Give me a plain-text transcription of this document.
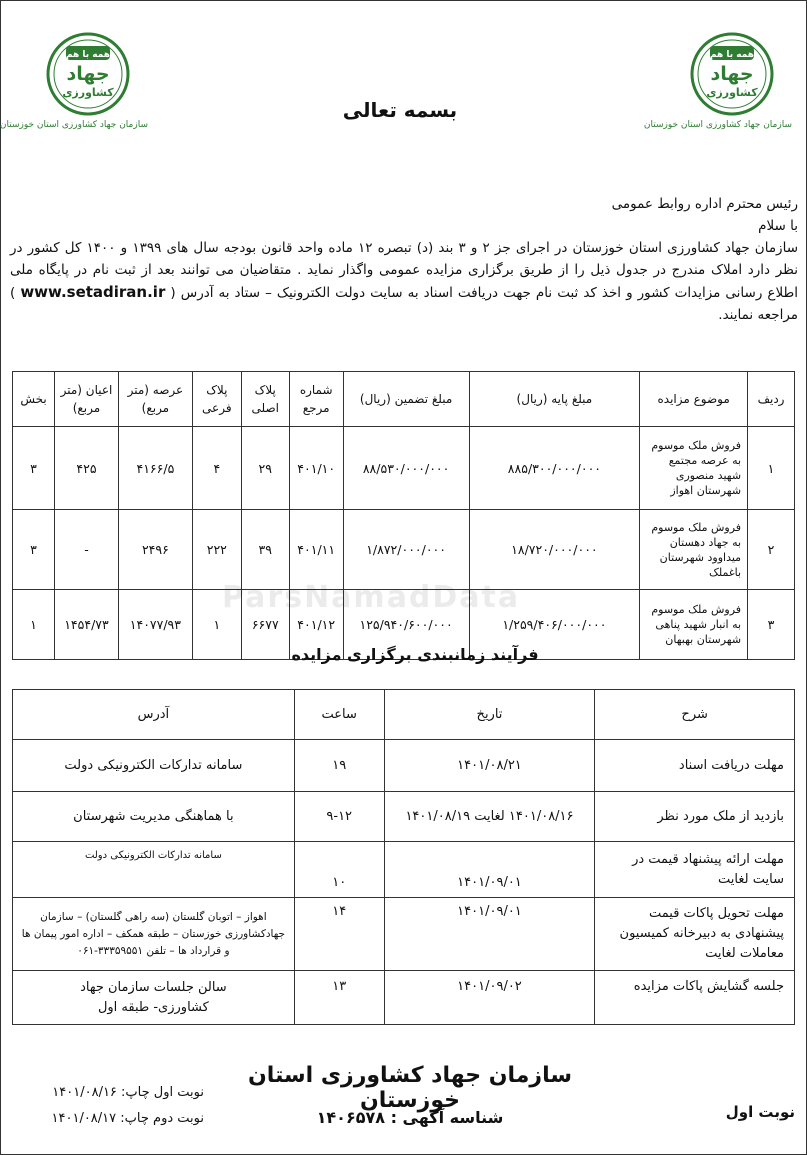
همه با هم
جهاد
کشاورزی
سازمان جهاد کشاورزی استان خوزستان
همه با هم
جهاد
کشاورزی
سازمان جهاد کشاورزی استان خوزستان
بسمه تعالی

رئیس محترم اداره روابط عمومی

با سلام

سازمان جهاد کشاورزی استان خوزستان در اجرای جز ۲ و ۳ بند (د) تبصره ۱۲ ماده واحد قانون بودجه سال های ۱۳۹۹ و ۱۴۰۰ کل کشور در نظر دارد املاک مندرج در جدول ذیل را از طریق برگزاری مزایده عمومی واگذار نماید . متقاضیان می توانند بعد از ثبت نام در پایگاه ملی اطلاع رسانی مزایدات کشور و اخذ کد ثبت نام جهت دریافت اسناد به سایت دولت الکترونیک – ستاد به آدرس ( www.setadiran.ir ) مراجعه نمایند.

ردیف	موضوع مزایده	مبلغ پایه (ریال)	مبلغ تضمین (ریال)	شماره مرجع	پلاک اصلی	پلاک فرعی	عرصه (متر مربع)	اعیان (متر مربع)	بخش
۱	فروش ملک موسوم به عرصه مجتمع شهید منصوری شهرستان اهواز	۸۸۵/۳۰۰/۰۰۰/۰۰۰	۸۸/۵۳۰/۰۰۰/۰۰۰	۴۰۱/۱۰	۲۹	۴	۴۱۶۶/۵	۴۲۵	۳
۲	فروش ملک موسوم به جهاد دهستان میداوود شهرستان باغملک	۱۸/۷۲۰/۰۰۰/۰۰۰	۱/۸۷۲/۰۰۰/۰۰۰	۴۰۱/۱۱	۳۹	۲۲۲	۲۴۹۶	-	۳
۳	فروش ملک موسوم به انبار شهید پناهی شهرستان بهبهان	۱/۲۵۹/۴۰۶/۰۰۰/۰۰۰	۱۲۵/۹۴۰/۶۰۰/۰۰۰	۴۰۱/۱۲	۶۶۷۷	۱	۱۴۰۷۷/۹۳	۱۴۵۴/۷۳	۱
ParsNamadData
فرآیند زمانبندی برگزاری مزایده
شرح	تاریخ	ساعت	آدرس
مهلت دریافت اسناد	۱۴۰۱/۰۸/۲۱	۱۹	سامانه تدارکات الکترونیکی دولت
بازدید از ملک مورد نظر	۱۴۰۱/۰۸/۱۶ لغایت ۱۴۰۱/۰۸/۱۹	۹-۱۲	با هماهنگی مدیریت شهرستان
مهلت ارائه پیشنهاد قیمت در سایت لغایت	۱۴۰۱/۰۹/۰۱	۱۰	سامانه تدارکات الکترونیکی دولت

مهلت تحویل پاکات قیمت پیشنهادی به دبیرخانه کمیسیون معاملات لغایت	۱۴۰۱/۰۹/۰۱	۱۴	اهواز – اتوبان گلستان (سه راهی گلستان) – سازمان جهادکشاورزی خوزستان – طبقه همکف – اداره امور پیمان ها و قرارداد ها – تلفن ۳۳۳۵۹۵۵۱-۰۶۱
جلسه گشایش پاکات مزایده	۱۴۰۱/۰۹/۰۲	۱۳	سالن جلسات سازمان جهاد کشاورزی- طبقه اول
سازمان جهاد کشاورزی استان خوزستان
شناسه آگهی : ۱۴۰۶۵۷۸	نوبت اول
نوبت اول چاپ: ۱۴۰۱/۰۸/۱۶
نوبت دوم چاپ: ۱۴۰۱/۰۸/۱۷
